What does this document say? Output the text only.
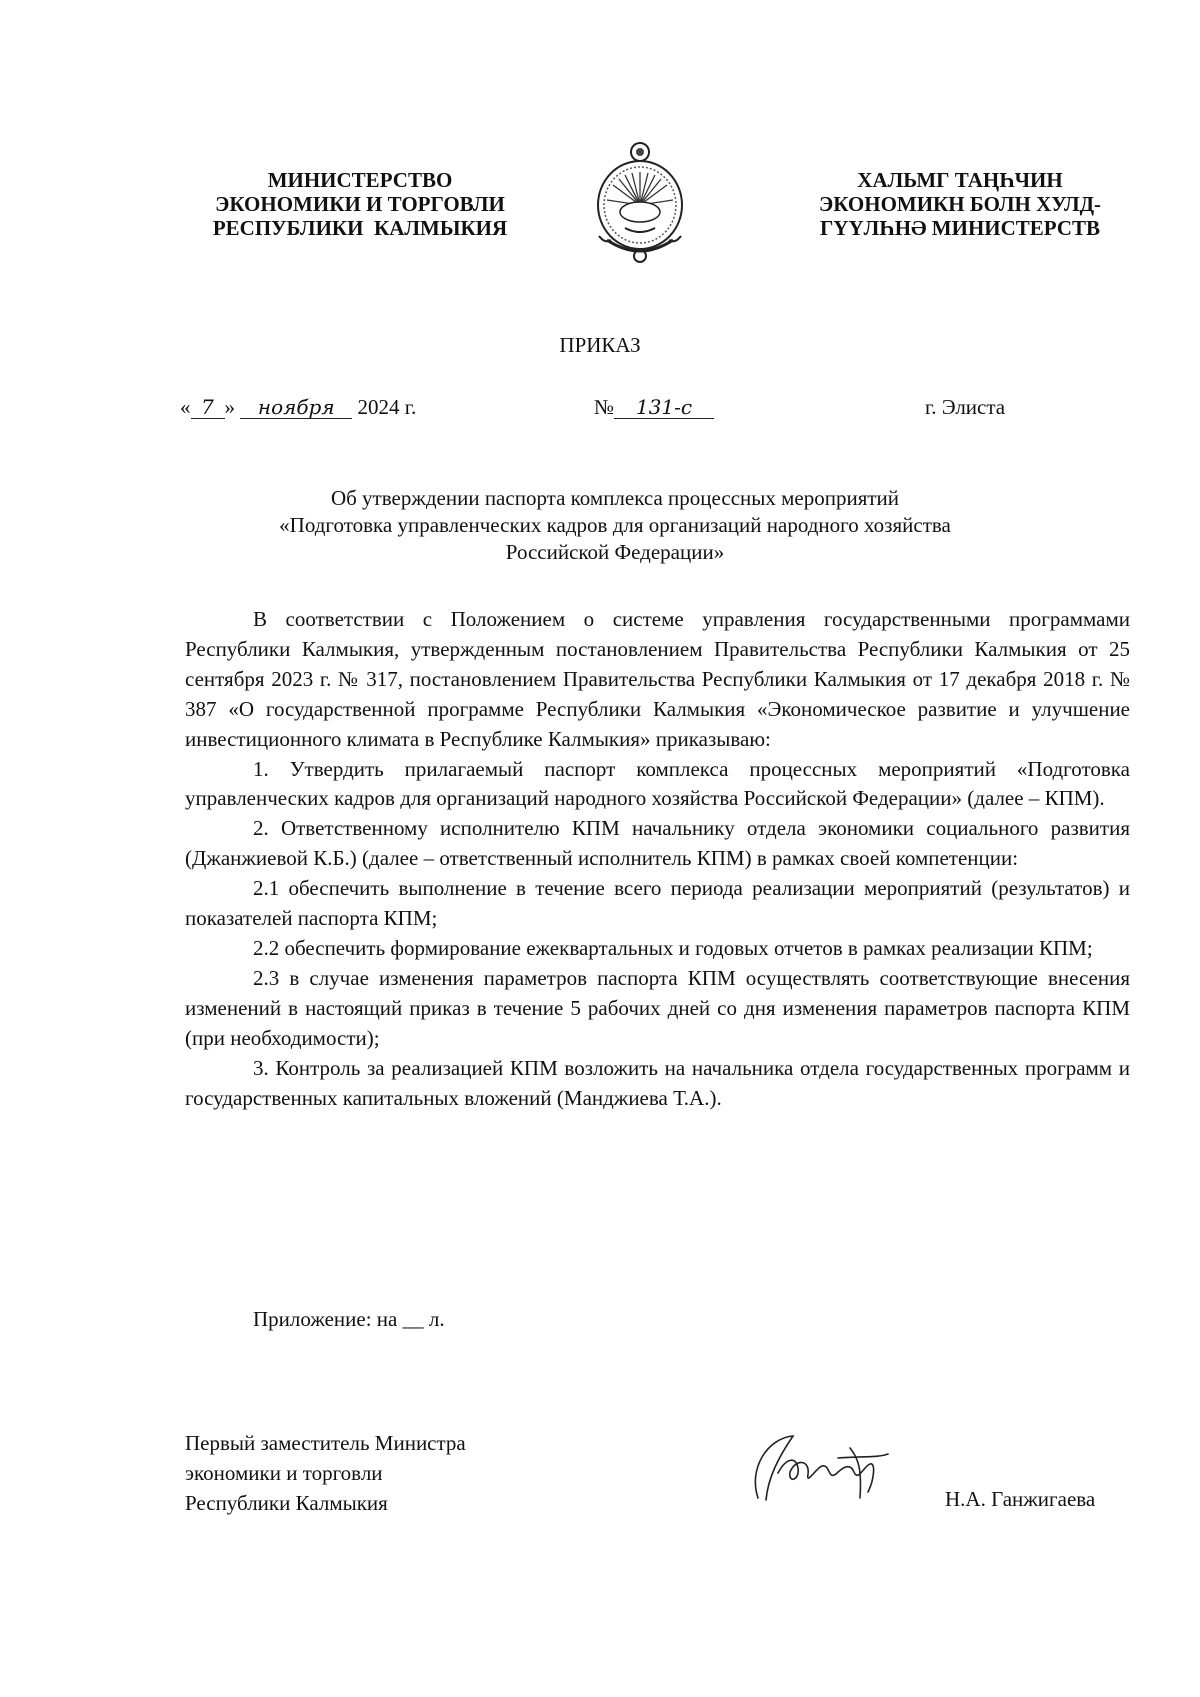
МИНИСТЕРСТВО
ЭКОНОМИКИ И ТОРГОВЛИ
РЕСПУБЛИКИ  КАЛМЫКИЯ
ХАЛЬМГ ТАҢҺЧИН
ЭКОНОМИКН БОЛН ХУЛД-
ГҮҮЛҺНӘ МИНИСТЕРСТВ
ПРИКАЗ
« 7 » ноября 2024 г.	№ 131-с	г. Элиста
Об утверждении паспорта комплекса процессных мероприятий
«Подготовка управленческих кадров для организаций народного хозяйства
Российской Федерации»

В соответствии с Положением о системе управления государственными программами Республики Калмыкия, утвержденным постановлением Правительства Республики Калмыкия от 25 сентября 2023 г. № 317, постановлением Правительства Республики Калмыкия от 17 декабря 2018 г. № 387 «О государственной программе Республики Калмыкия «Экономическое развитие и улучшение инвестиционного климата в Республике Калмыкия» приказываю:

1. Утвердить прилагаемый паспорт комплекса процессных мероприятий «Подготовка управленческих кадров для организаций народного хозяйства Российской Федерации» (далее – КПМ).

2. Ответственному исполнителю КПМ начальнику отдела экономики социального развития (Джанжиевой К.Б.) (далее – ответственный исполнитель КПМ) в рамках своей компетенции:

2.1 обеспечить выполнение в течение всего периода реализации мероприятий (результатов) и показателей паспорта КПМ;

2.2 обеспечить формирование ежеквартальных и годовых отчетов в рамках реализации КПМ;

2.3 в случае изменения параметров паспорта КПМ осуществлять соответствующие внесения изменений в настоящий приказ в течение 5 рабочих дней со дня изменения параметров паспорта КПМ (при необходимости);

3. Контроль за реализацией КПМ возложить на начальника отдела государственных программ и государственных капитальных вложений (Манджиева Т.А.).

Приложение: на __ л.
Первый заместитель Министра
экономики и торговли
Республики Калмыкия	Н.А. Ганжигаева
